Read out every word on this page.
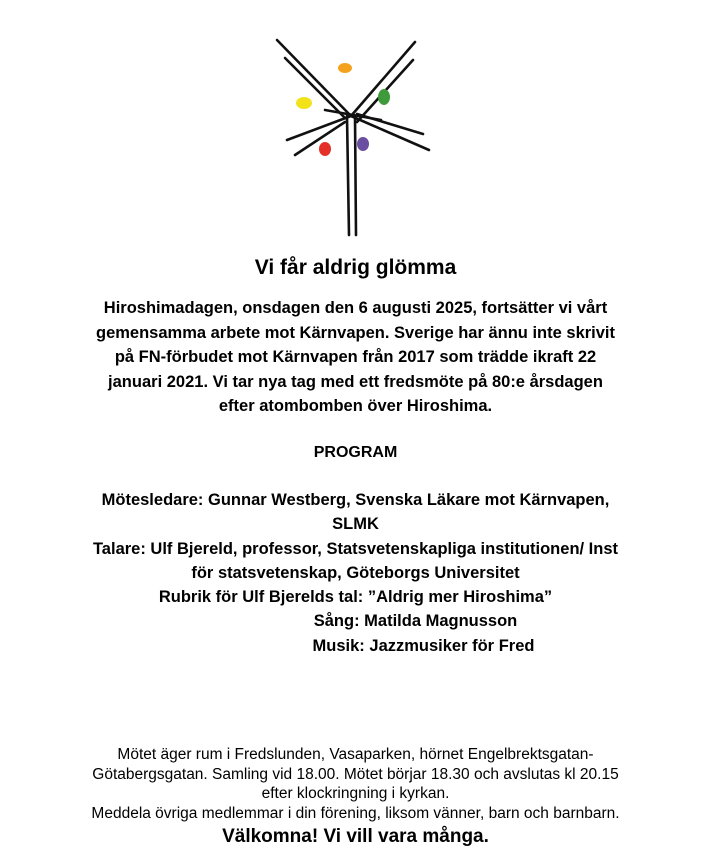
Vi får aldrig glömma
Hiroshimadagen, onsdagen den 6 augusti 2025, fortsätter vi vårt
gemensamma arbete mot Kärnvapen. Sverige har ännu inte skrivit
på FN-förbudet mot Kärnvapen från 2017 som trädde ikraft 22
januari 2021. Vi tar nya tag med ett fredsmöte på 80:e årsdagen
efter atombomben över Hiroshima.
PROGRAM
Mötesledare: Gunnar Westberg, Svenska Läkare mot Kärnvapen,
SLMK
Talare: Ulf Bjereld, professor, Statsvetenskapliga institutionen/ Inst
för statsvetenskap, Göteborgs Universitet
Rubrik för Ulf Bjerelds tal: ”Aldrig mer Hiroshima”
Sång: Matilda Magnusson
Musik: Jazzmusiker för Fred
Mötet äger rum i Fredslunden, Vasaparken, hörnet Engelbrektsgatan-
Götabergsgatan. Samling vid 18.00. Mötet börjar 18.30 och avslutas kl 20.15
efter klockringning i kyrkan.
Meddela övriga medlemmar i din förening, liksom vänner, barn och barnbarn.
Välkomna! Vi vill vara många.
